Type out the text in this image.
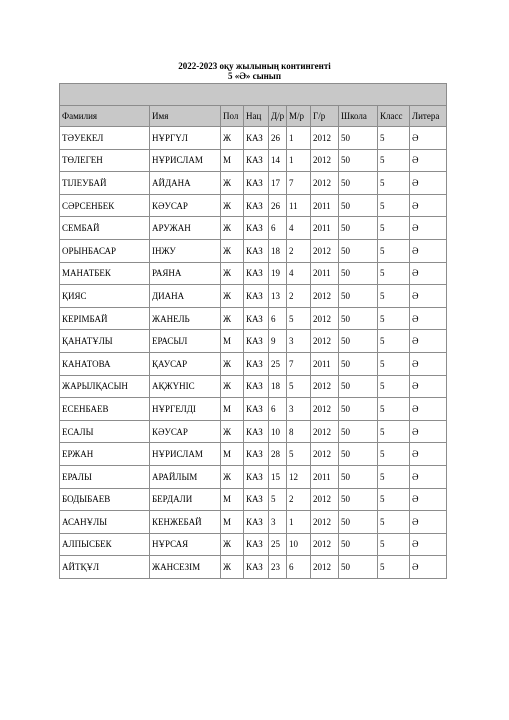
2022-2023 оқу жылының контингенті
5 «Ә» сынып

Фамилия	Имя	Пол	Нац	Д/р	М/р	Г/р	Школа	Класс	Литера
ТӘУЕКЕЛ	НҰРГҮЛ	Ж	КАЗ	26	1	2012	50	5	Ә
ТӨЛЕГЕН	НҰРИСЛАМ	М	КАЗ	14	1	2012	50	5	Ә
ТІЛЕУБАЙ	АЙДАНА	Ж	КАЗ	17	7	2012	50	5	Ә
СӘРСЕНБЕК	КӘУСАР	Ж	КАЗ	26	11	2011	50	5	Ә
СЕМБАЙ	АРУЖАН	Ж	КАЗ	6	4	2011	50	5	Ә
ОРЫНБАСАР	ІНЖУ	Ж	КАЗ	18	2	2012	50	5	Ә
МАНАТБЕК	РАЯНА	Ж	КАЗ	19	4	2011	50	5	Ә
ҚИЯС	ДИАНА	Ж	КАЗ	13	2	2012	50	5	Ә
КЕРІМБАЙ	ЖАНЕЛЬ	Ж	КАЗ	6	5	2012	50	5	Ә
ҚАНАТҰЛЫ	ЕРАСЫЛ	М	КАЗ	9	3	2012	50	5	Ә
КАНАТОВА	ҚАУСАР	Ж	КАЗ	25	7	2011	50	5	Ә
ЖАРЫЛҚАСЫН	АҚЖҮНІС	Ж	КАЗ	18	5	2012	50	5	Ә
ЕСЕНБАЕВ	НҰРГЕЛДІ	М	КАЗ	6	3	2012	50	5	Ә
ЕСАЛЫ	КӘУСАР	Ж	КАЗ	10	8	2012	50	5	Ә
ЕРЖАН	НҰРИСЛАМ	М	КАЗ	28	5	2012	50	5	Ә
ЕРАЛЫ	АРАЙЛЫМ	Ж	КАЗ	15	12	2011	50	5	Ә
БОДЫБАЕВ	БЕРДАЛИ	М	КАЗ	5	2	2012	50	5	Ә
АСАНҰЛЫ	КЕНЖЕБАЙ	М	КАЗ	3	1	2012	50	5	Ә
АЛПЫСБЕК	НҰРСАЯ	Ж	КАЗ	25	10	2012	50	5	Ә
АЙТҚҰЛ	ЖАНСЕЗІМ	Ж	КАЗ	23	6	2012	50	5	Ә
